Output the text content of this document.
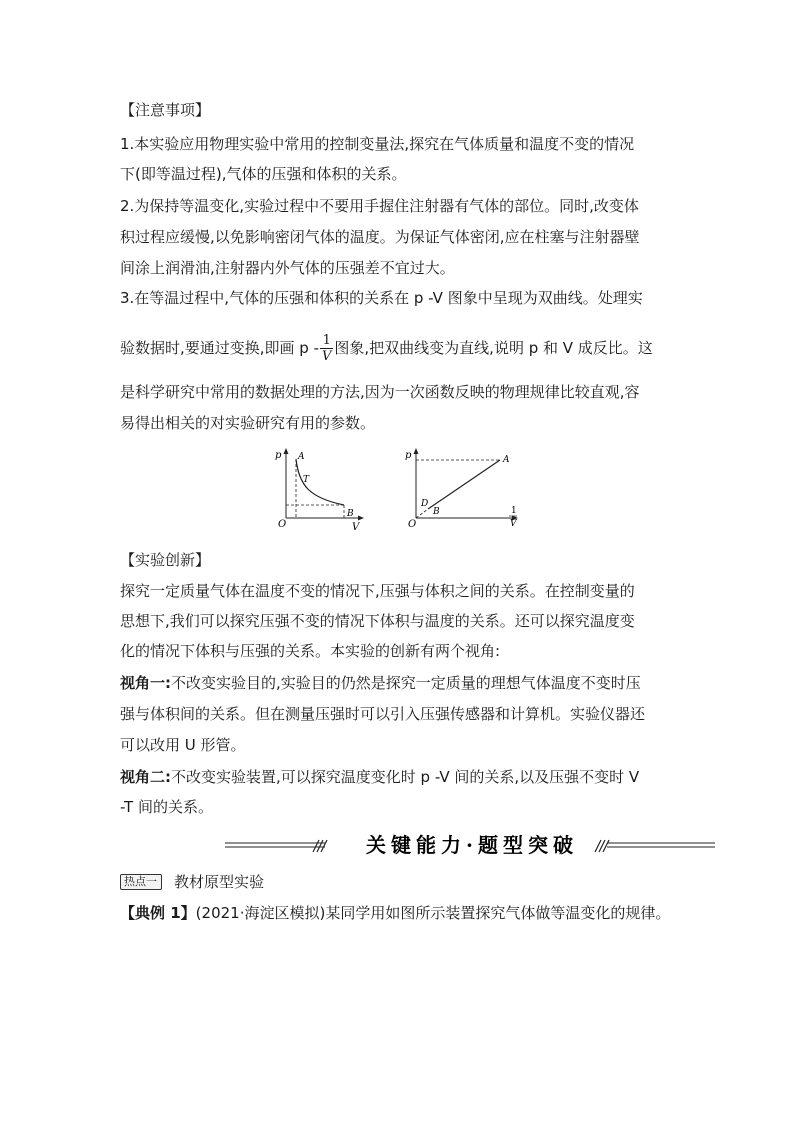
【注意事项】
1.本实验应用物理实验中常用的控制变量法,探究在气体质量和温度不变的情况
下(即等温过程),气体的压强和体积的关系。
2.为保持等温变化,实验过程中不要用手握住注射器有气体的部位。同时,改变体
积过程应缓慢,以免影响密闭气体的温度。为保证气体密闭,应在柱塞与注射器壁
间涂上润滑油,注射器内外气体的压强差不宜过大。
3.在等温过程中,气体的压强和体积的关系在 p -V 图象中呈现为双曲线。处理实
验数据时,要通过变换,即画 p - $\frac{1}{V}$ 图象,把双曲线变为直线,说明 p 和 V 成反比。这
是科学研究中常用的数据处理的方法,因为一次函数反映的物理规律比较直观,容
易得出相关的对实验研究有用的参数。
p A
T
B
O	V
p	A
D
B
O
1
V
【实验创新】
探究一定质量气体在温度不变的情况下,压强与体积之间的关系。在控制变量的
思想下,我们可以探究压强不变的情况下体积与温度的关系。还可以探究温度变
化的情况下体积与压强的关系。本实验的创新有两个视角:
视角一:不改变实验目的,实验目的仍然是探究一定质量的理想气体温度不变时压
强与体积间的关系。但在测量压强时可以引入压强传感器和计算机。实验仪器还
可以改用 U 形管。
视角二:不改变实验装置,可以探究温度变化时 p -V 间的关系,以及压强不变时 V
-T 间的关系。
关键能力·题型突破
热点一	教材原型实验
【典例 1】(2021·海淀区模拟)某同学用如图所示装置探究气体做等温变化的规律。
